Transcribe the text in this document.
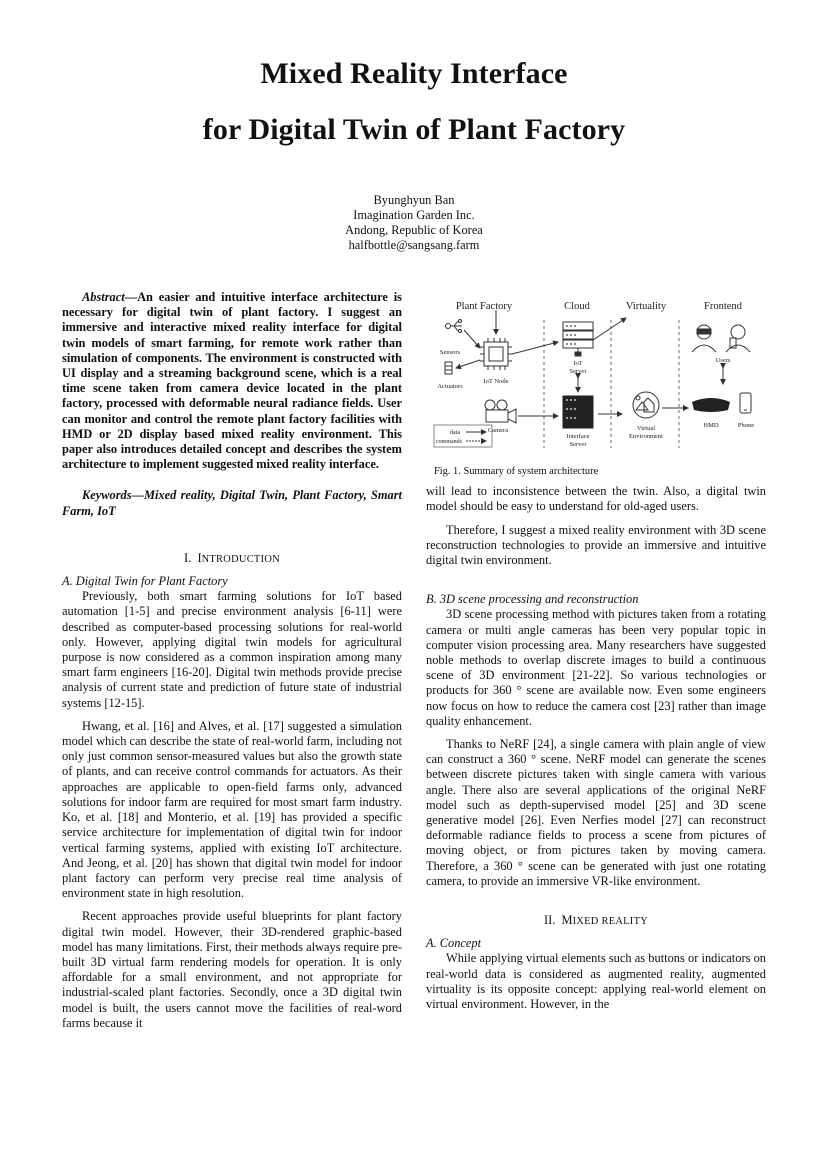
Mixed Reality Interface
for Digital Twin of Plant Factory
Byunghyun Ban
Imagination Garden Inc.
Andong, Republic of Korea
halfbottle@sangsang.farm

Abstract—An easier and intuitive interface architecture is necessary for digital twin of plant factory. I suggest an immersive and interactive mixed reality interface for digital twin models of smart farming, for remote work rather than simulation of components. The environment is constructed with UI display and a streaming background scene, which is a real time scene taken from camera device located in the plant factory, processed with deformable neural radiance fields. User can monitor and control the remote plant factory facilities with HMD or 2D display based mixed reality environment. This paper also introduces detailed concept and describes the system architecture to implement suggested mixed reality interface.

Keywords—Mixed reality, Digital Twin, Plant Factory, Smart Farm, IoT

I. INTRODUCTION

A. Digital Twin for Plant Factory

Previously, both smart farming solutions for IoT based automation [1-5] and precise environment analysis [6-11] were described as computer-based processing solutions for real-world only. However, applying digital twin models for agricultural purpose is now considered as a common inspiration among many smart farm engineers [16-20]. Digital twin methods provide precise analysis of current state and prediction of future state of industrial systems [12-15].

Hwang, et al. [16] and Alves, et al. [17] suggested a simulation model which can describe the state of real-world farm, including not only just common sensor-measured values but also the growth state of plants, and can receive control commands for actuators. As their approaches are applicable to open-field farms only, advanced solutions for indoor farm are required for most smart farm industry. Ko, et al. [18] and Monterio, et al. [19] has provided a specific service architecture for implementation of digital twin for indoor vertical farming systems, applied with existing IoT architecture. And Jeong, et al. [20] has shown that digital twin model for indoor plant factory can perform very precise real time analysis of environment state in high resolution.

Recent approaches provide useful blueprints for plant factory digital twin model. However, their 3D-rendered graphic-based model has many limitations. First, their methods always require pre-built 3D virtual farm rendering models for operation. It is only affordable for a small environment, and not appropriate for industrial-scaled plant factories. Secondly, once a 3D digital twin model is built, the users cannot move the facilities of real-word farms because it

Plant Factory	Cloud	Virtuality	Frontend
Sensors
Actuators
IoT Node
IoT
Server
Camera
Interface
Server
Virtual
Environment
Users
HMD	Phone
data
commands

Fig. 1. Summary of system architecture

will lead to inconsistence between the twin. Also, a digital twin model should be easy to understand for old-aged users.

Therefore, I suggest a mixed reality environment with 3D scene reconstruction technologies to provide an immersive and intuitive digital twin environment.

B. 3D scene processing and reconstruction

3D scene processing method with pictures taken from a rotating camera or multi angle cameras has been very popular topic in computer vision processing area. Many researchers have suggested noble methods to overlap discrete images to build a continuous scene of 3D environment [21-22]. So various technologies or products for 360 ° scene are available now. Even some engineers now focus on how to reduce the camera cost [23] rather than image quality enhancement.

Thanks to NeRF [24], a single camera with plain angle of view can construct a 360 ° scene. NeRF model can generate the scenes between discrete pictures taken with single camera with various angle. There also are several applications of the original NeRF model such as depth-supervised model [25] and 3D scene generative model [26]. Even Nerfies model [27] can reconstruct deformable radiance fields to process a scene from pictures of moving object, or from pictures taken by moving camera. Therefore, a 360 ° scene can be generated with just one rotating camera, to provide an immersive VR-like environment.

II. MIXED REALITY

A. Concept

While applying virtual elements such as buttons or indicators on real-world data is considered as augmented reality, augmented virtuality is its opposite concept: applying real-world element on virtual environment. However, in the
